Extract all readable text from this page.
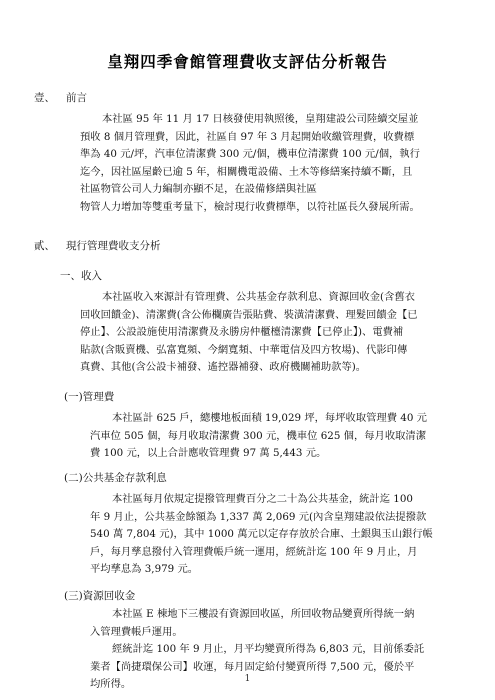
皇翔四季會館管理費收支評估分析報告
壹、 前言
本社區 95 年 11 月 17 日核發使用執照後，皇翔建設公司陸續交屋並
預收 8 個月管理費，因此，社區自 97 年 3 月起開始收繳管理費，收費標
準為 40 元/坪，汽車位清潔費 300 元/個，機車位清潔費 100 元/個，執行
迄今，因社區屋齡已逾 5 年，相關機電設備、土木等修繕案持續不斷，且
社區物管公司人力編制亦顯不足，在設備修繕與社區
物管人力增加等雙重考量下，檢討現行收費標準，以符社區長久發展所需。
貳、 現行管理費收支分析
一、收入
本社區收入來源計有管理費、公共基金存款利息、資源回收金(含舊衣
回收回饋金)、清潔費(含公佈欄廣告張貼費、裝潢清潔費、理髮回饋金【已
停止】、公設設施使用清潔費及永勝房仲櫃檯清潔費【已停止】)、電費補
貼款(含販賣機、弘富寬頻、今網寬頻、中華電信及四方牧場)、代影印傳
真費、其他(含公設卡補發、遙控器補發、政府機關補助款等)。
(一)管理費
本社區計 625 戶，總樓地板面積 19,029 坪，每坪收取管理費 40 元
汽車位 505 個，每月收取清潔費 300 元，機車位 625 個，每月收取清潔
費 100 元，以上合計應收管理費 97 萬 5,443 元。
(二)公共基金存款利息
本社區每月依規定提撥管理費百分之二十為公共基金，統計迄 100
年 9 月止，公共基金餘額為 1,337 萬 2,069 元(內含皇翔建設依法提撥款
540 萬 7,804 元)，其中 1000 萬元以定存存放於合庫、土銀與玉山銀行帳
戶，每月孳息撥付入管理費帳戶統一運用，經統計迄 100 年 9 月止，月
平均孳息為 3,979 元。
(三)資源回收金
本社區 E 棟地下三樓設有資源回收區，所回收物品變賣所得統一納
入管理費帳戶運用。
經統計迄 100 年 9 月止，月平均變賣所得為 6,803 元，目前係委託
業者【尚捷環保公司】收運，每月固定給付變賣所得 7,500 元，優於平
均所得。	1
